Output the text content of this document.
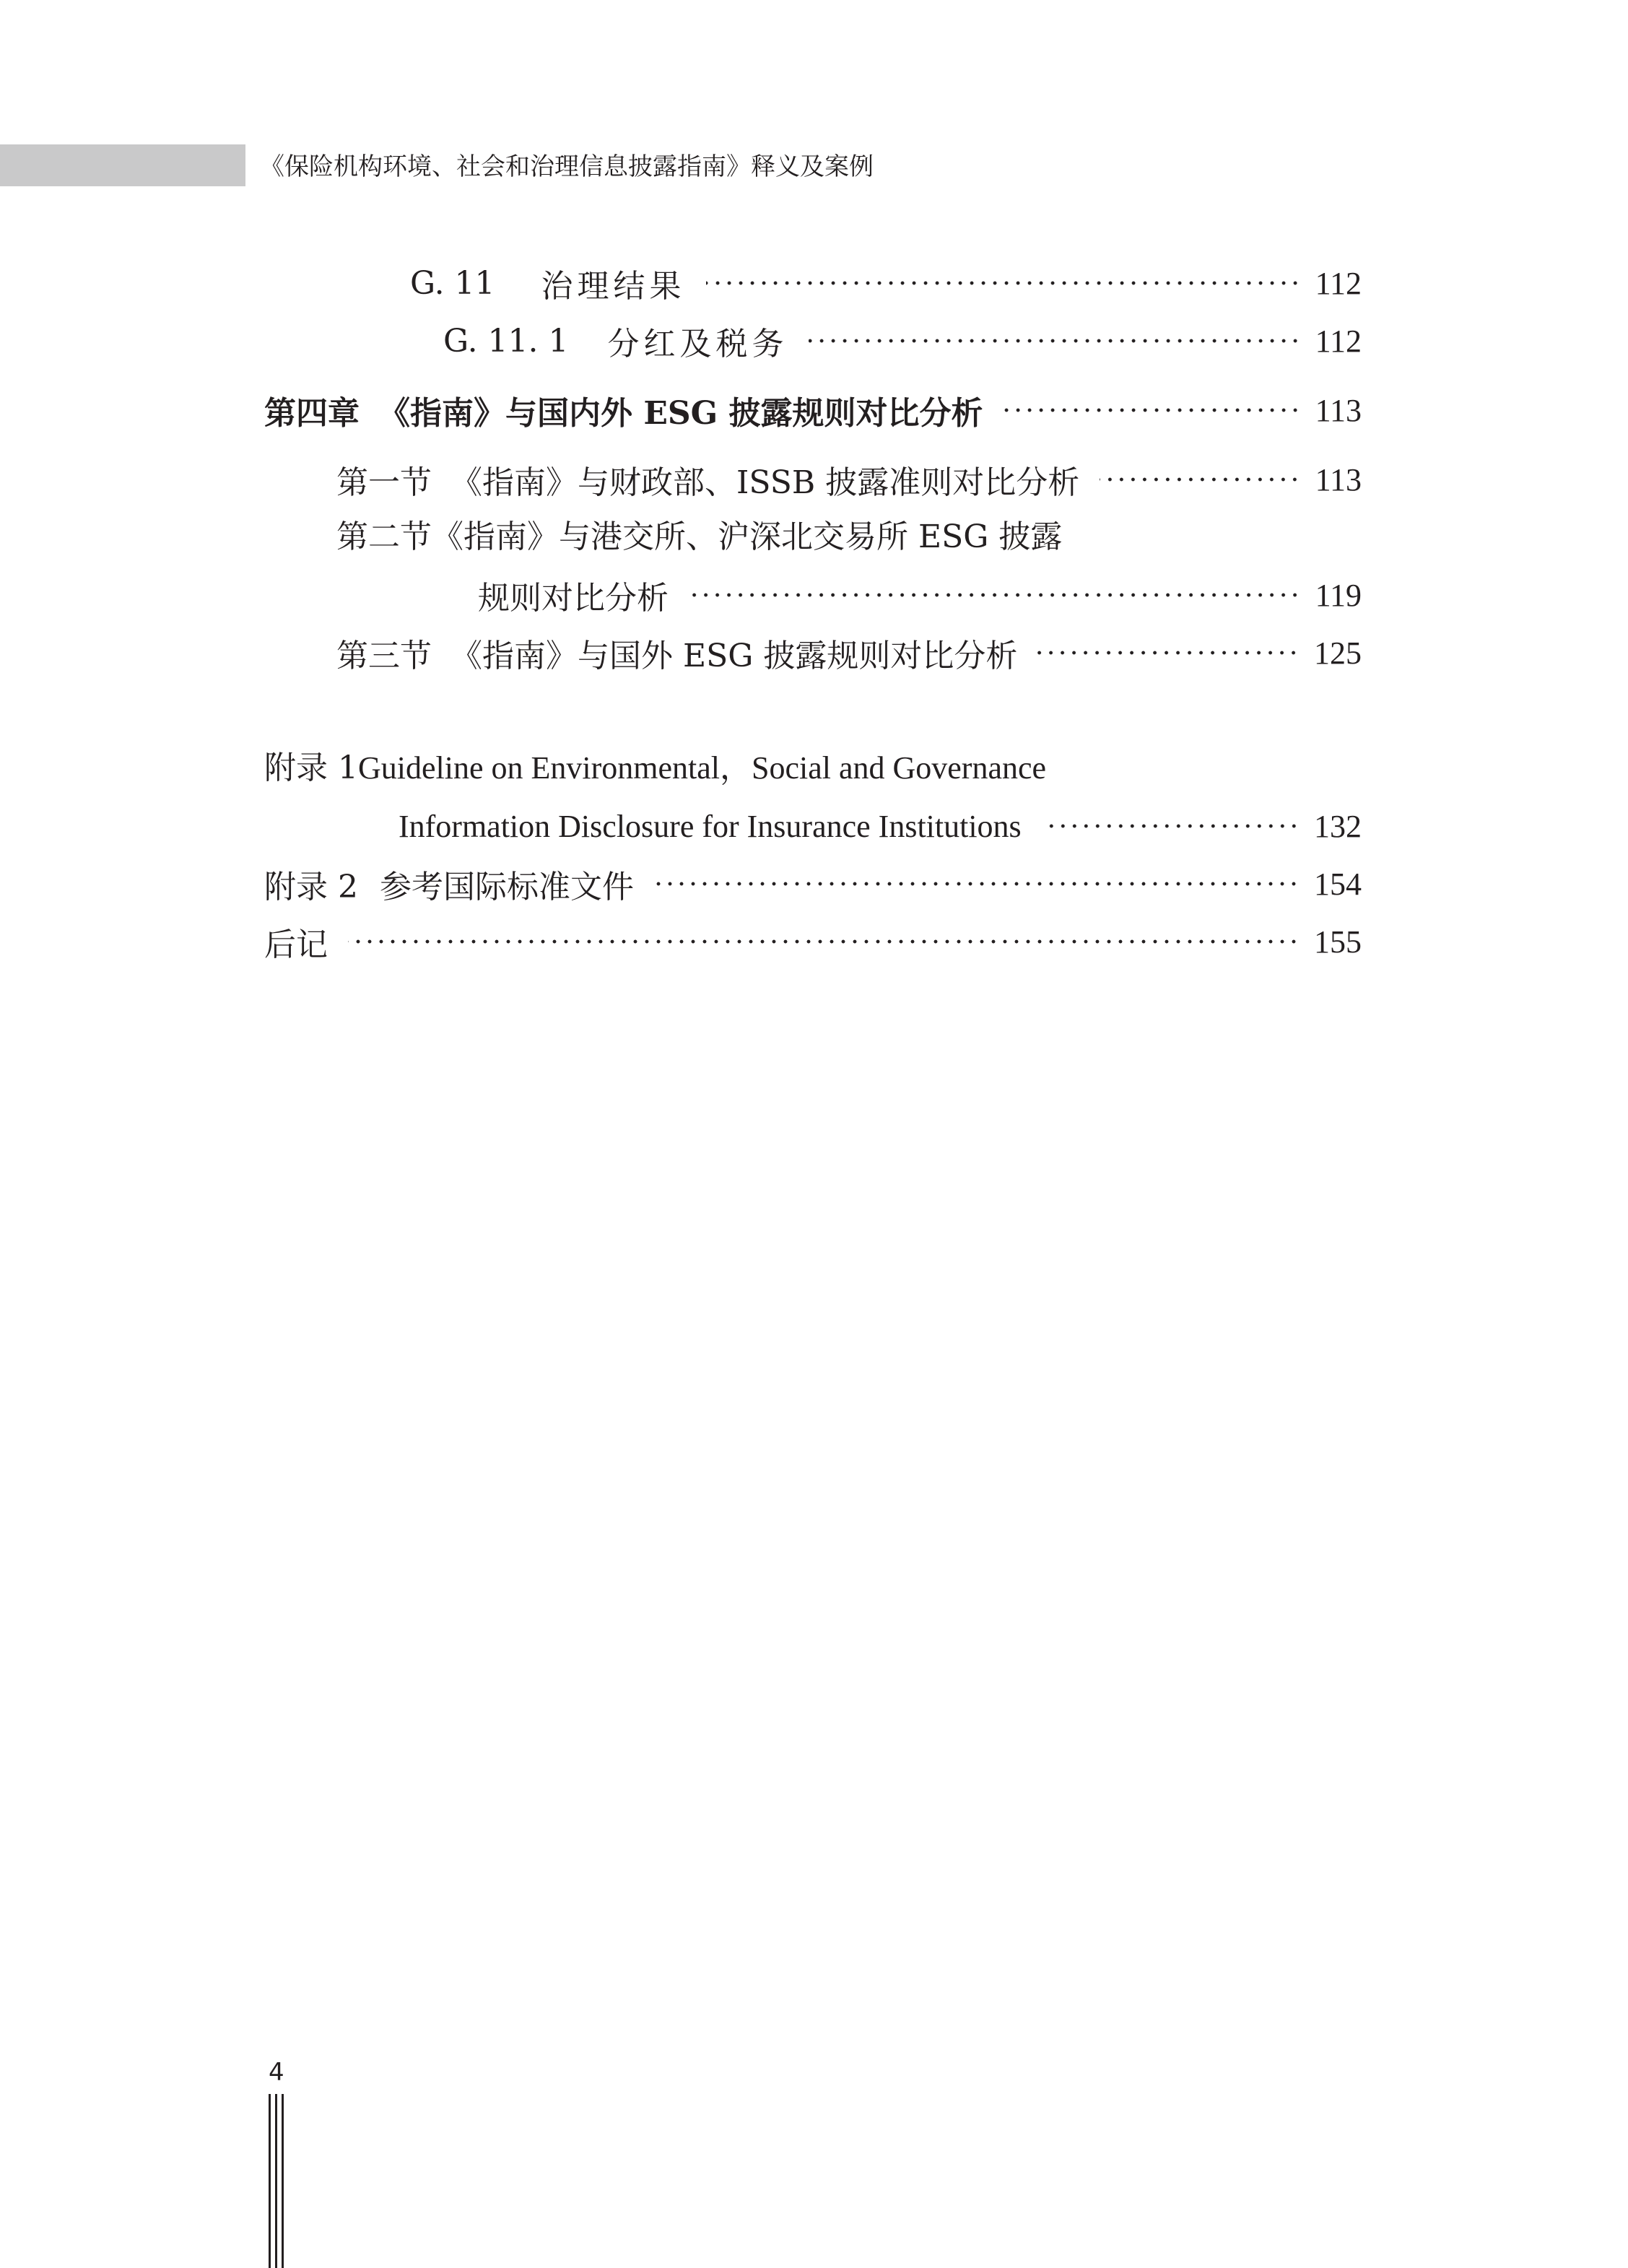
《保险机构环境、社会和治理信息披露指南》释义及案例
G. 11 治理结果	112
G. 11. 1 分红及税务	112
第四章 《指南》与国内外 ESG 披露规则对比分析	113
第一节 《指南》与财政部、ISSB 披露准则对比分析	113
第二节《指南》与港交所、沪深北交易所 ESG 披露
规则对比分析	119
第三节 《指南》与国外 ESG 披露规则对比分析	125
附录 1Guideline on Environmental，Social and Governance
Information Disclosure for Insurance Institutions	132
附录 2 参考国际标准文件	154
后记	155
4
